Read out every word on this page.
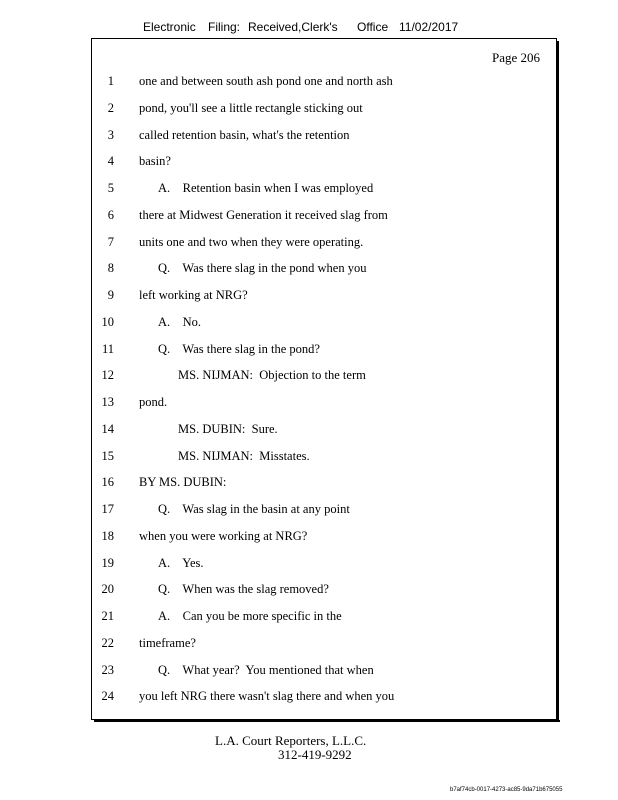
Electronic Filing: Received,Clerk's Office 11/02/2017
Page 206
1 one and between south ash pond one and north ash
2 pond, you'll see a little rectangle sticking out
3 called retention basin, what's the retention
4 basin?
5	A.    Retention basin when I was employed
6 there at Midwest Generation it received slag from
7 units one and two when they were operating.
8	Q.    Was there slag in the pond when you
9 left working at NRG?
10	A.    No.
11	Q.    Was there slag in the pond?
12	MS. NIJMAN:  Objection to the term
13 pond.
14	MS. DUBIN:  Sure.
15	MS. NIJMAN:  Misstates.
16 BY MS. DUBIN:
17	Q.    Was slag in the basin at any point
18 when you were working at NRG?
19	A.    Yes.
20	Q.    When was the slag removed?
21	A.    Can you be more specific in the
22 timeframe?
23	Q.    What year?  You mentioned that when
24 you left NRG there wasn't slag there and when you
L.A. Court Reporters, L.L.C.
312-419-9292
b7af74cb-0017-4273-ac85-9da71b675055
